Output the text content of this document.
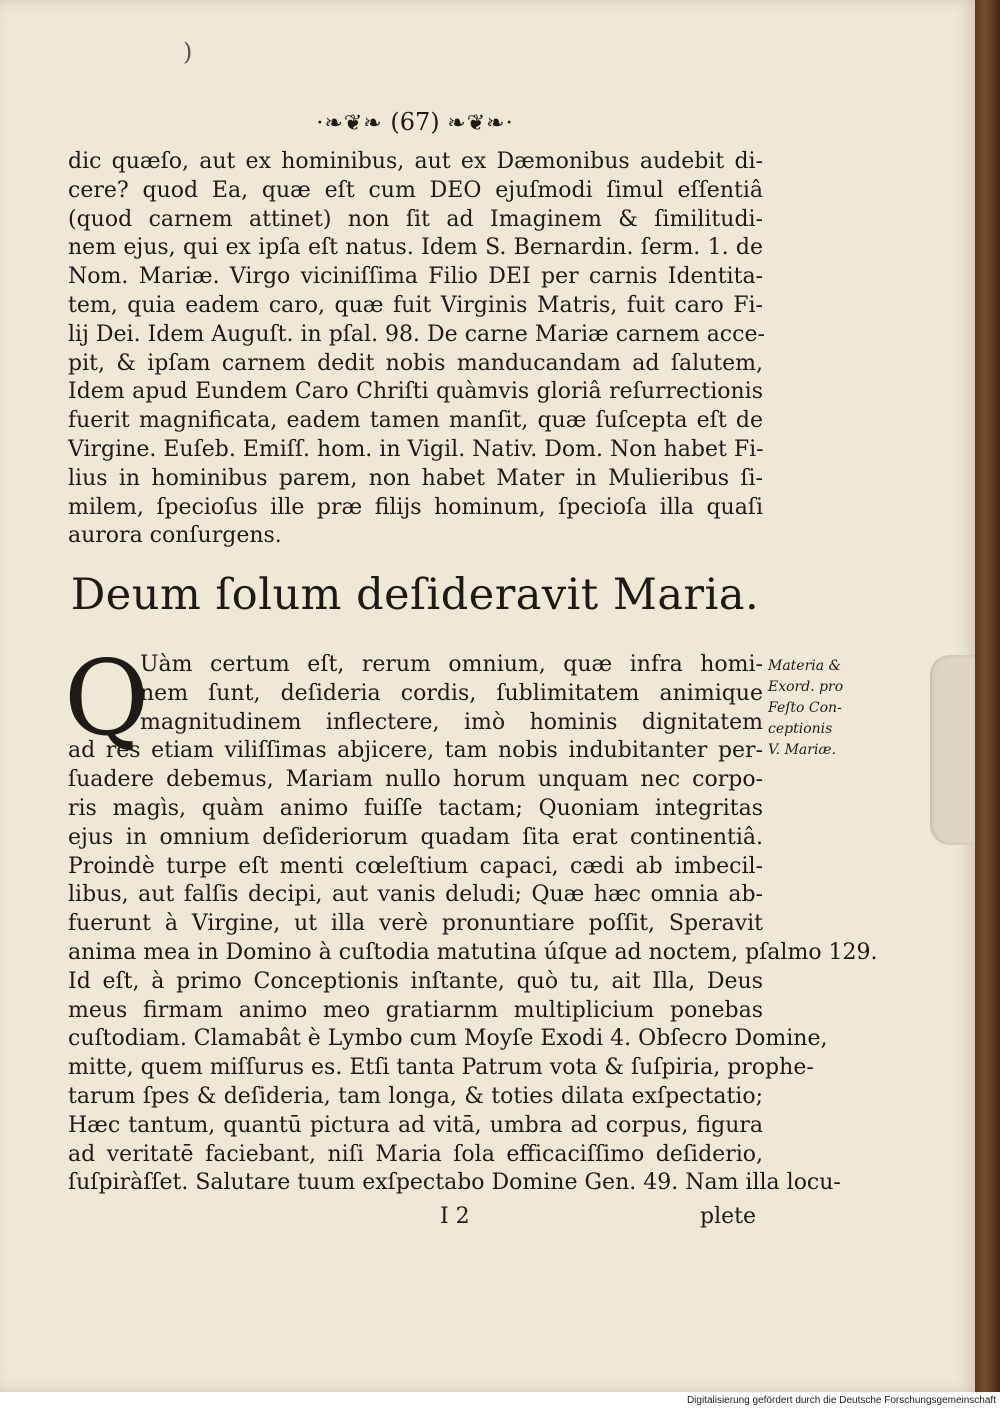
)
·❧❦❧ (67) ❧❦❧·
dic quæſo, aut ex hominibus, aut ex Dæmonibus audebit di-
cere? quod Ea, quæ eſt cum DEO ejuſmodi ſimul eſſentiâ
(quod carnem attinet) non ſit ad Imaginem & ſimilitudi-
nem ejus, qui ex ipſa eſt natus. Idem S. Bernardin. ſerm. 1. de
Nom. Mariæ. Virgo viciniſſima Filio DEI per carnis Identita-
tem, quia eadem caro, quæ fuit Virginis Matris, fuit caro Fi-
lij Dei. Idem Auguſt. in pſal. 98. De carne Mariæ carnem acce-
pit, & ipſam carnem dedit nobis manducandam ad ſalutem,
Idem apud Eundem Caro Chriſti quàmvis gloriâ reſurrectionis
fuerit magnificata, eadem tamen manſit, quæ ſuſcepta eſt de
Virgine. Euſeb. Emiſſ. hom. in Vigil. Nativ. Dom. Non habet Fi-
lius in hominibus parem, non habet Mater in Mulieribus ſi-
milem, ſpecioſus ille præ filijs hominum, ſpecioſa illa quaſi
aurora conſurgens.
Deum ſolum deſideravit Maria.
Q
Uàm certum eſt, rerum omnium, quæ infra homi-
nem ſunt, deſideria cordis, ſublimitatem animique
magnitudinem inflectere, imò hominis dignitatem
ad res etiam viliſſimas abjicere, tam nobis indubitanter per-
ſuadere debemus, Mariam nullo horum unquam nec corpo-
ris magìs, quàm animo fuiſſe tactam; Quoniam integritas
ejus in omnium deſideriorum quadam ſita erat continentiâ.
Proindè turpe eſt menti cœleſtium capaci, cædi ab imbecil-
libus, aut falſis decipi, aut vanis deludi; Quæ hæc omnia ab-
fuerunt à Virgine, ut illa verè pronuntiare poſſit, Speravit
anima mea in Domino à cuſtodia matutina úſque ad noctem, pſalmo 129.
Id eſt, à primo Conceptionis inſtante, quò tu, ait Illa, Deus
meus firmam animo meo gratiarnm multiplicium ponebas
cuſtodiam. Clamabât è Lymbo cum Moyſe Exodi 4. Obſecro Domine,
mitte, quem miſſurus es. Etſi tanta Patrum vota & ſuſpiria, prophe-
tarum ſpes & deſideria, tam longa, & toties dilata exſpectatio;
Hæc tantum, quantū pictura ad vitā, umbra ad corpus, figura
ad veritatē faciebant, niſi Maria ſola efficaciſſimo deſiderio,
ſuſpiràſſet. Salutare tuum exſpectabo Domine Gen. 49. Nam illa locu-
Materia &
Exord. pro
Feſto Con-
ceptionis
V. Mariæ.
I 2	plete
Digitalisierung gefördert durch die Deutsche Forschungsgemeinschaft
